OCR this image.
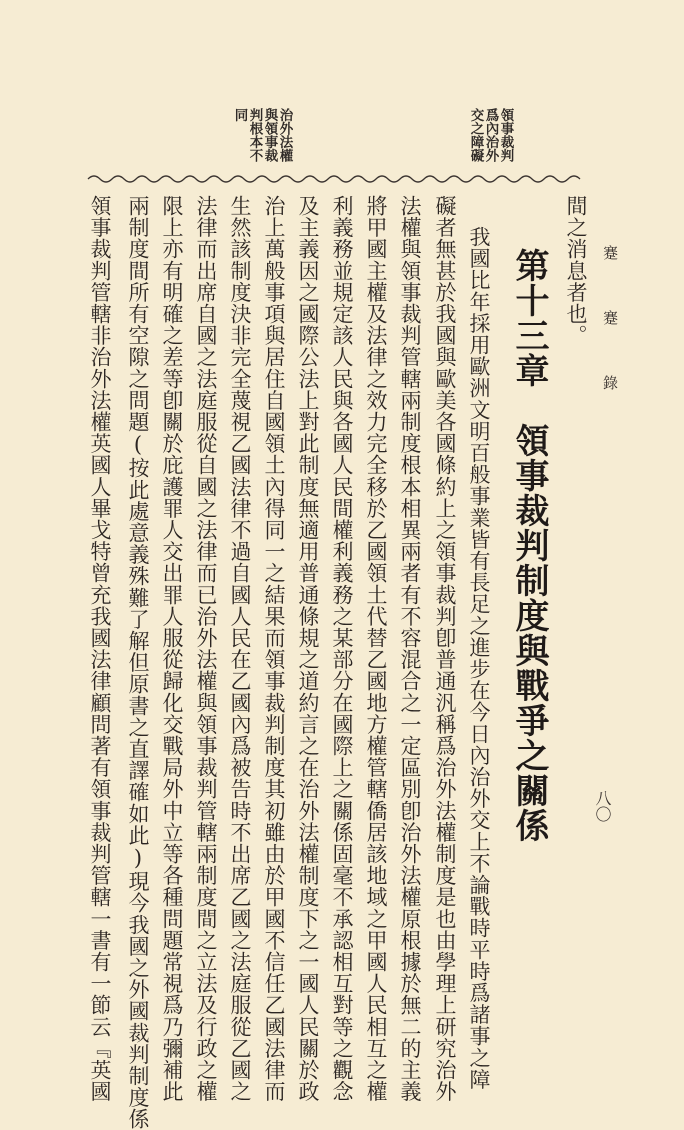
蹇 蹇 錄
八〇
領事裁判
爲內治外
交之障礙
治外法權
與領事裁
判根本不
同
第十三章　領事裁判制度與戰爭之關係 間之消息者也。
我國比年採用歐洲文明百般事業皆有長足之進步在今日內治外交上不論戰時平時爲諸事之障
礙者無甚於我國與歐美各國條約上之領事裁判卽普通汎稱爲治外法權制度是也由學理上研究治外
法權與領事裁判管轄兩制度根本相異兩者有不容混合之一定區別卽治外法權原根據於無二的主義
將甲國主權及法律之效力完全移於乙國領土代替乙國地方權管轄僑居該地域之甲國人民相互之權
利義務並規定該人民與各國人民間權利義務之某部分在國際上之關係固毫不承認相互對等之觀念
及主義因之國際公法上對此制度無適用普通條規之道約言之在治外法權制度下之一國人民關於政
治上萬般事項與居住自國領土內得同一之結果而領事裁判制度其初雖由於甲國不信任乙國法律而
生然該制度決非完全蔑視乙國法律不過自國人民在乙國內爲被告時不出席乙國之法庭服從乙國之
法律而出席自國之法庭服從自國之法律而已治外法權與領事裁判管轄兩制度間之立法及行政之權
限上亦有明確之差等卽關於庇護罪人交出罪人服從歸化交戰局外中立等各種問題常視爲乃彌補此
兩制度間所有空隙之問題(按此處意義殊難了解但原書之直譯確如此)現今我國之外國裁判制度係
領事裁判管轄非治外法權英國人畢戈特曾充我國法律顧問著有領事裁判管轄一書有一節云『英國
